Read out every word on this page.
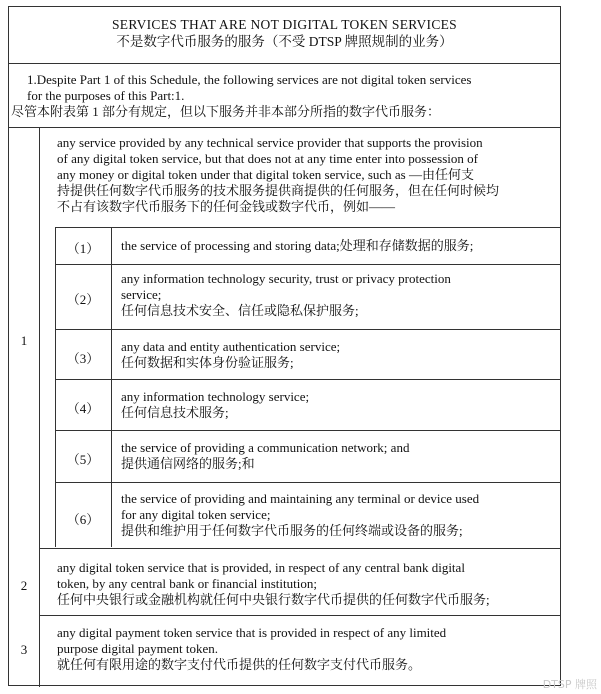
SERVICES THAT ARE NOT DIGITAL TOKEN SERVICES
不是数字代币服务的服务（不受 DTSP 牌照规制的业务）
1.Despite Part 1 of this Schedule, the following services are not digital token services
for the purposes of this Part:1.
尽管本附表第 1 部分有规定，但以下服务并非本部分所指的数字代币服务：
1
any service provided by any technical service provider that supports the provision
of any digital token service, but that does not at any time enter into possession of
any money or digital token under that digital token service, such as —由任何支
持提供任何数字代币服务的技术服务提供商提供的任何服务，但在任何时候均
不占有该数字代币服务下的任何金钱或数字代币，例如——
（1）	the service of processing and storing data;处理和存储数据的服务;
（2）
any information technology security, trust or privacy protection
service;
任何信息技术安全、信任或隐私保护服务;
（3）
any data and entity authentication service;
任何数据和实体身份验证服务;
（4）
any information technology service;
任何信息技术服务;
（5）
the service of providing a communication network; and
提供通信网络的服务;和
（6）
the service of providing and maintaining any terminal or device used
for any digital token service;
提供和维护用于任何数字代币服务的任何终端或设备的服务;
2
any digital token service that is provided, in respect of any central bank digital
token, by any central bank or financial institution;
任何中央银行或金融机构就任何中央银行数字代币提供的任何数字代币服务;
3
any digital payment token service that is provided in respect of any limited
purpose digital payment token.
就任何有限用途的数字支付代币提供的任何数字支付代币服务。
DTSP 牌照
